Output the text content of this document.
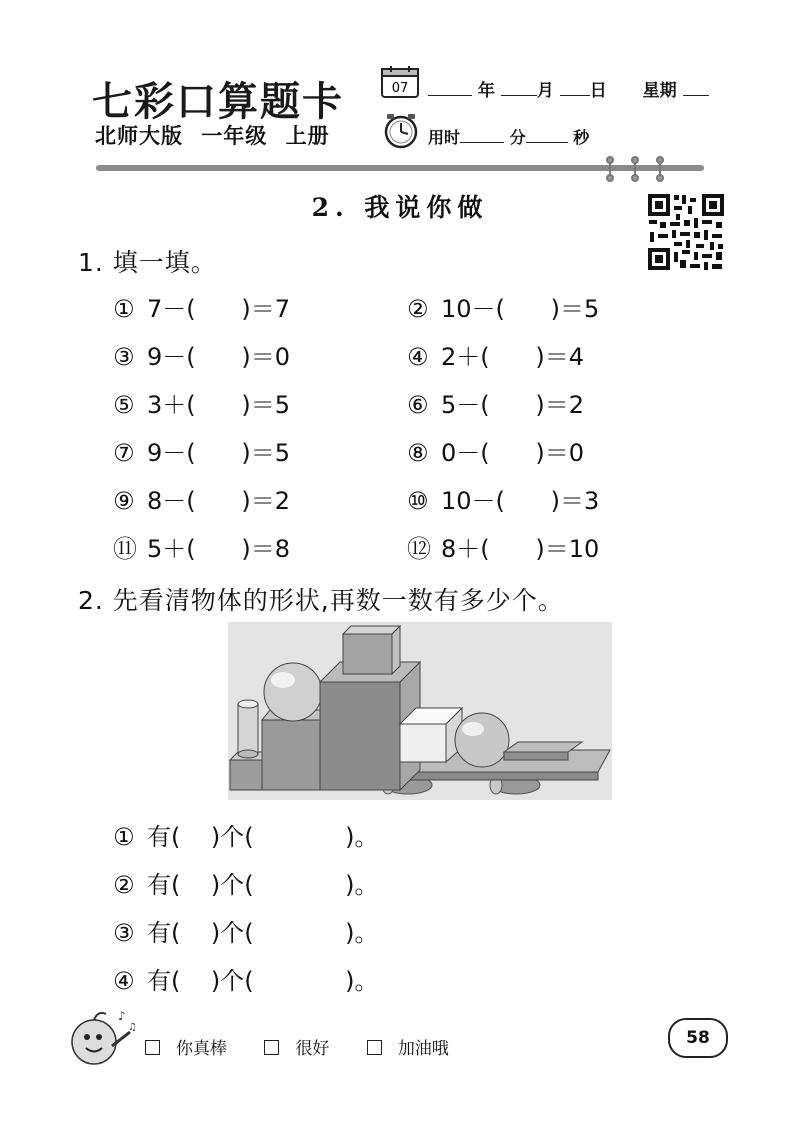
七彩口算题卡	07	年 月 日 星期
北师大版 一年级 上册	用时	分	秒
2. 我说你做
1. 填一填。
① 7－(      )＝7	② 10－(      )＝5
③ 9－(      )＝0	④ 2＋(      )＝4
⑤ 3＋(      )＝5	⑥ 5－(      )＝2
⑦ 9－(      )＝5	⑧ 0－(      )＝0
⑨ 8－(      )＝2	⑩ 10－(      )＝3
⑪ 5＋(      )＝8	⑫ 8＋(      )＝10
2. 先看清物体的形状,再数一数有多少个。
① 有(    )个(            )。
② 有(    )个(            )。
③ 有(    )个(            )。
④ 有(    )个(            )。
♪
♫
你真棒	很好	加油哦
58
